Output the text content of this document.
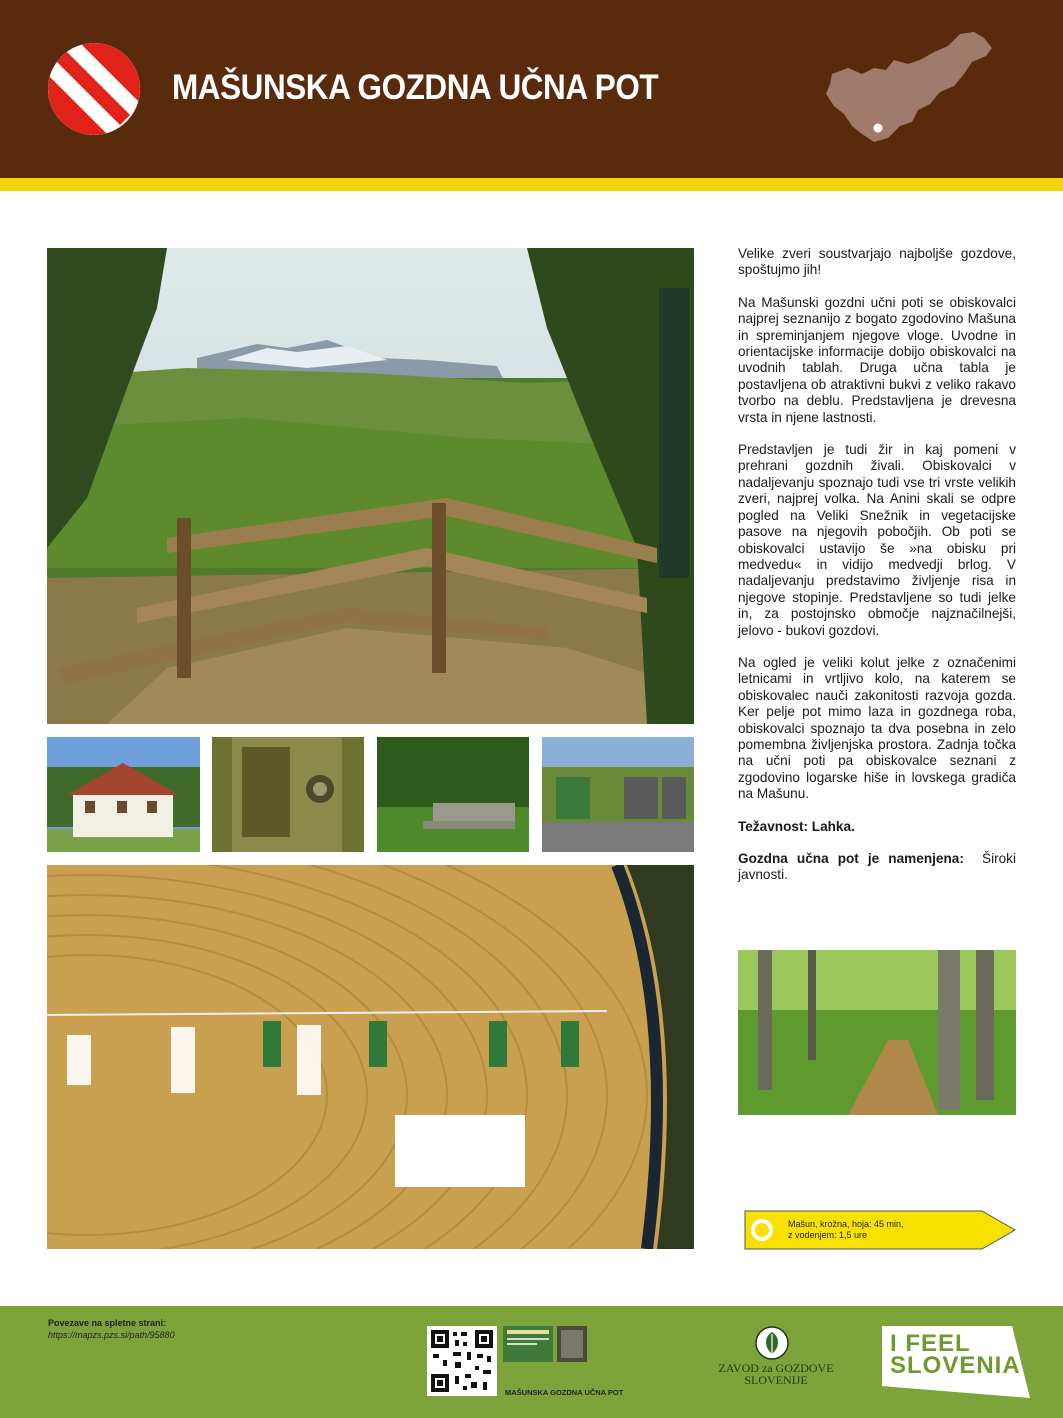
MAŠUNSKA GOZDNA UČNA POT

Velike zveri soustvarjajo najboljše gozdove, spoštujmo jih!

Na Mašunski gozdni učni poti se obiskovalci najprej seznanijo z bogato zgodovino Mašuna in spreminjanjem njegove vloge. Uvodne in orientacijske informacije dobijo obiskovalci na uvodnih tablah. Druga učna tabla je postavljena ob atraktivni bukvi z veliko rakavo tvorbo na deblu. Predstavljena je drevesna vrsta in njene lastnosti.

Predstavljen je tudi žir in kaj pomeni v prehrani gozdnih živali. Obiskovalci v nadaljevanju spoznajo tudi vse tri vrste velikih zveri, najprej volka. Na Anini skali se odpre pogled na Veliki Snežnik in vegetacijske pasove na njegovih pobočjih. Ob poti se obiskovalci ustavijo še »na obisku pri medvedu« in vidijo medvedji brlog. V nadaljevanju predstavimo življenje risa in njegove stopinje. Predstavljene so tudi jelke in, za postojnsko območje najznačilnejši, jelovo - bukovi gozdovi.

Na ogled je veliki kolut jelke z označenimi letnicami in vrtljivo kolo, na katerem se obiskovalec nauči zakonitosti razvoja gozda. Ker pelje pot mimo laza in gozdnega roba, obiskovalci spoznajo ta dva posebna in zelo pomembna življenjska prostora. Zadnja točka na učni poti pa obiskovalce seznani z zgodovino logarske hiše in lovskega gradiča na Mašunu.

Težavnost: Lahka.

Gozdna učna pot je namenjena: Široki javnosti.

Mašun, krožna, hoja: 45 min,
z vodenjem: 1,5 ure
Povezave na spletne strani:
https://mapzs.pzs.si/path/95880
MAŠUNSKA GOZDNA UČNA POT
ZAVOD za GOZDOVE
SLOVENIJE
I FEEL
SLOVENIA
